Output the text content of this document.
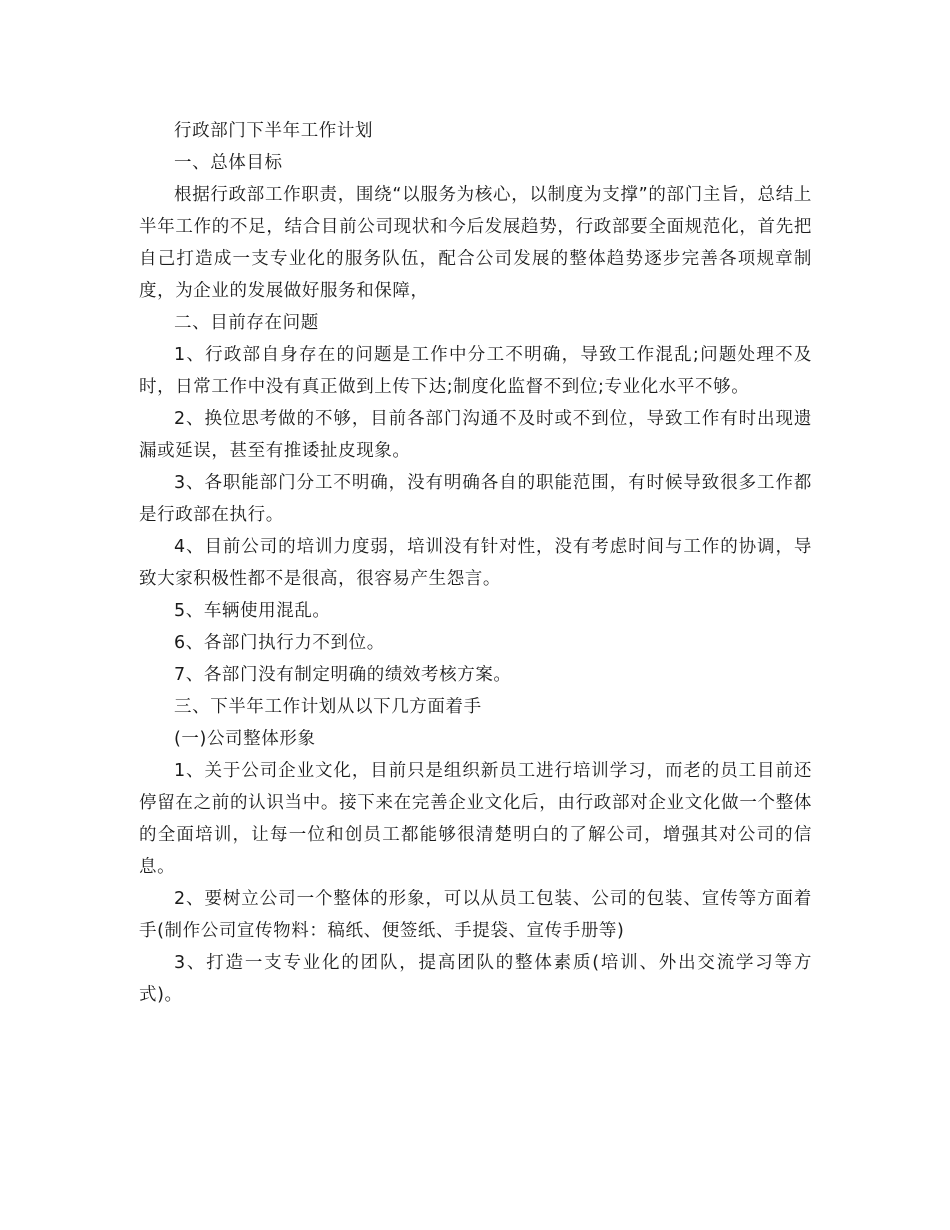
行政部门下半年工作计划

一、总体目标

根据行政部工作职责，围绕“以服务为核心，以制度为支撑”的部门主旨，总结上半年工作的不足，结合目前公司现状和今后发展趋势，行政部要全面规范化，首先把自己打造成一支专业化的服务队伍，配合公司发展的整体趋势逐步完善各项规章制度，为企业的发展做好服务和保障，

二、目前存在问题

1、行政部自身存在的问题是工作中分工不明确，导致工作混乱;问题处理不及时，日常工作中没有真正做到上传下达;制度化监督不到位;专业化水平不够。

2、换位思考做的不够，目前各部门沟通不及时或不到位，导致工作有时出现遗漏或延误，甚至有推诿扯皮现象。

3、各职能部门分工不明确，没有明确各自的职能范围，有时候导致很多工作都是行政部在执行。

4、目前公司的培训力度弱，培训没有针对性，没有考虑时间与工作的协调，导致大家积极性都不是很高，很容易产生怨言。

5、车辆使用混乱。

6、各部门执行力不到位。

7、各部门没有制定明确的绩效考核方案。

三、下半年工作计划从以下几方面着手

(一)公司整体形象

1、关于公司企业文化，目前只是组织新员工进行培训学习，而老的员工目前还停留在之前的认识当中。接下来在完善企业文化后，由行政部对企业文化做一个整体的全面培训，让每一位和创员工都能够很清楚明白的了解公司，增强其对公司的信息。

2、要树立公司一个整体的形象，可以从员工包装、公司的包装、宣传等方面着手(制作公司宣传物料：稿纸、便签纸、手提袋、宣传手册等)

3、打造一支专业化的团队，提高团队的整体素质(培训、外出交流学习等方式)。
